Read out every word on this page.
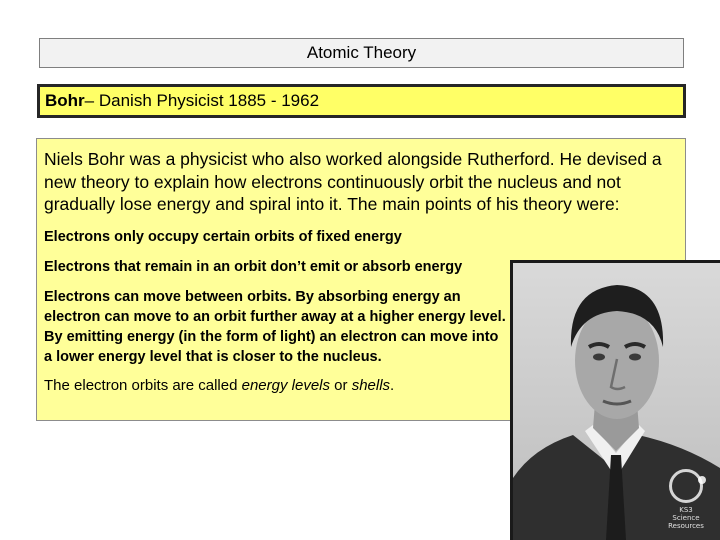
Atomic Theory
Bohr – Danish Physicist 1885 - 1962

Niels Bohr was a physicist who also worked alongside Rutherford. He devised a new theory to explain how electrons continuously orbit the nucleus and not gradually lose energy and spiral into it. The main points of his theory were:

Electrons only occupy certain orbits of fixed energy

Electrons that remain in an orbit don’t emit or absorb energy

Electrons can move between orbits. By absorbing energy an electron can move to an orbit further away at a higher energy level. By emitting energy (in the form of light) an electron can move into a lower energy level that is closer to the nucleus.

The electron orbits are called energy levels or shells.

KS3 Science
Resources
